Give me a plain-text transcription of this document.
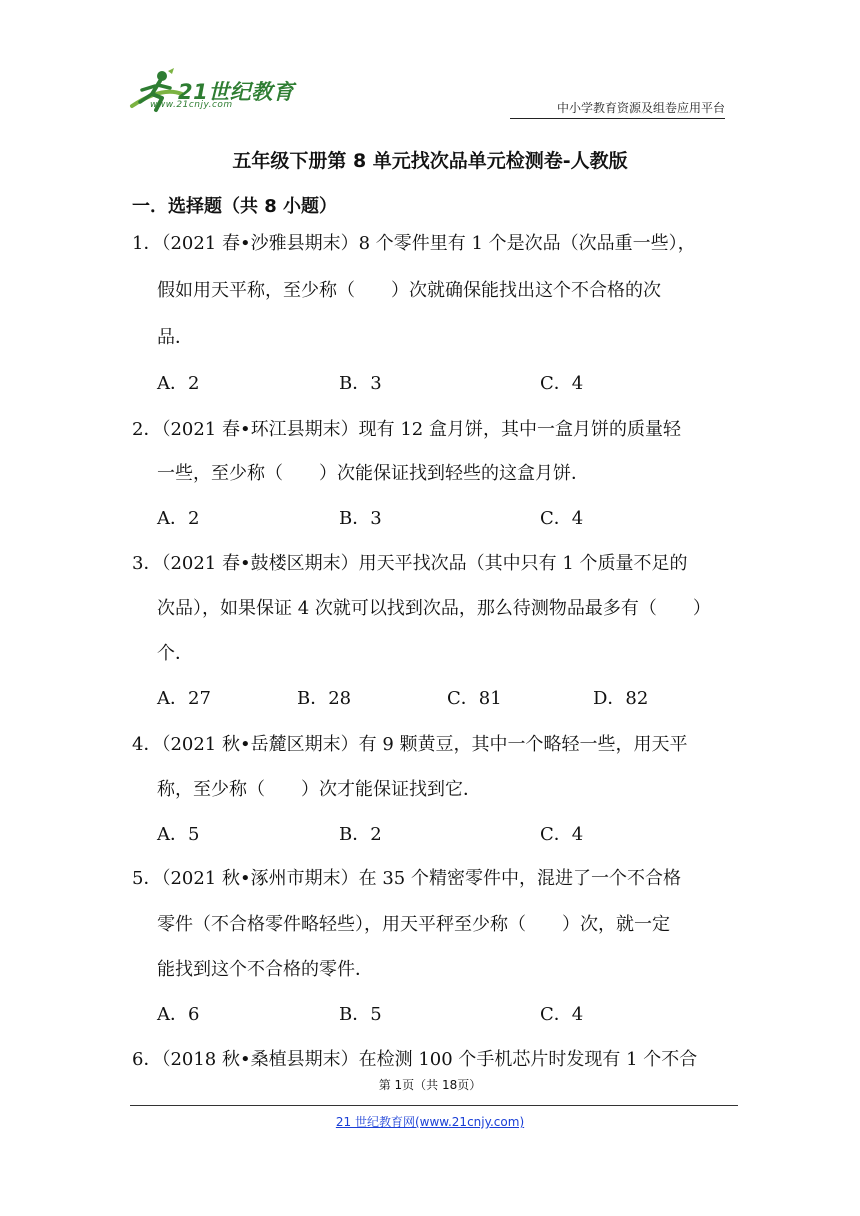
21世纪教育
www.21cnjy.com	中小学教育资源及组卷应用平台
五年级下册第 8 单元找次品单元检测卷-人教版
一．选择题（共 8 小题）
1．（2021 春•沙雅县期末）8 个零件里有 1 个是次品（次品重一些），
假如用天平称，至少称（　　）次就确保能找出这个不合格的次
品．
A．2	B．3	C．4
2．（2021 春•环江县期末）现有 12 盒月饼，其中一盒月饼的质量轻
一些，至少称（　　）次能保证找到轻些的这盒月饼．
A．2	B．3	C．4
3．（2021 春•鼓楼区期末）用天平找次品（其中只有 1 个质量不足的
次品），如果保证 4 次就可以找到次品，那么待测物品最多有（　　）
个．
A．27	B．28	C．81	D．82
4．（2021 秋•岳麓区期末）有 9 颗黄豆，其中一个略轻一些，用天平
称，至少称（　　）次才能保证找到它．
A．5	B．2	C．4
5．（2021 秋•涿州市期末）在 35 个精密零件中，混进了一个不合格
零件（不合格零件略轻些），用天平秤至少称（　　）次，就一定
能找到这个不合格的零件．
A．6	B．5	C．4
6．（2018 秋•桑植县期末）在检测 100 个手机芯片时发现有 1 个不合
第 1页（共 18页）
21 世纪教育网(www.21cnjy.com)
